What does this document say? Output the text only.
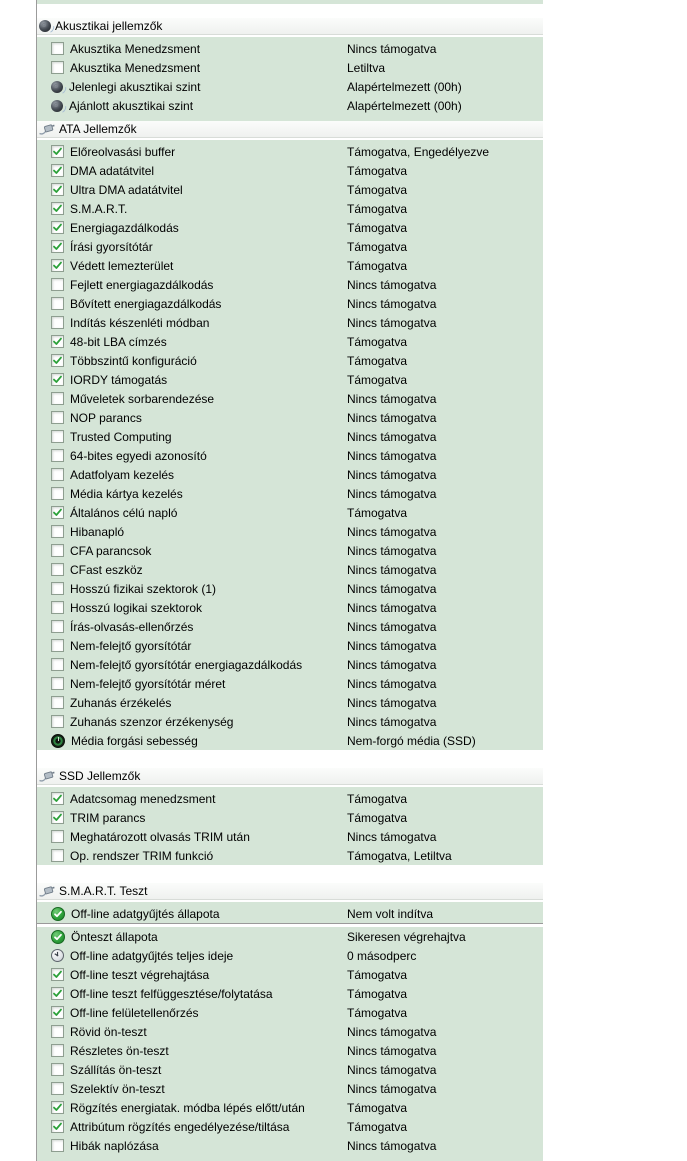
Akusztikai jellemzők
Akusztika Menedzsment	Nincs támogatva
Akusztika Menedzsment	Letiltva
Jelenlegi akusztikai szint	Alapértelmezett (00h)
Ajánlott akusztikai szint	Alapértelmezett (00h)
ATA Jellemzők
Előreolvasási buffer	Támogatva, Engedélyezve
DMA adatátvitel	Támogatva
Ultra DMA adatátvitel	Támogatva
S.M.A.R.T.	Támogatva
Energiagazdálkodás	Támogatva
Írási gyorsítótár	Támogatva
Védett lemezterület	Támogatva
Fejlett energiagazdálkodás	Nincs támogatva
Bővített energiagazdálkodás	Nincs támogatva
Indítás készenléti módban	Nincs támogatva
48-bit LBA címzés	Támogatva
Többszintű konfiguráció	Támogatva
IORDY támogatás	Támogatva
Műveletek sorbarendezése	Nincs támogatva
NOP parancs	Nincs támogatva
Trusted Computing	Nincs támogatva
64-bites egyedi azonosító	Nincs támogatva
Adatfolyam kezelés	Nincs támogatva
Média kártya kezelés	Nincs támogatva
Általános célú napló	Támogatva
Hibanapló	Nincs támogatva
CFA parancsok	Nincs támogatva
CFast eszköz	Nincs támogatva
Hosszú fizikai szektorok (1)	Nincs támogatva
Hosszú logikai szektorok	Nincs támogatva
Írás-olvasás-ellenőrzés	Nincs támogatva
Nem-felejtő gyorsítótár	Nincs támogatva
Nem-felejtő gyorsítótár energiagazdálkodás	Nincs támogatva
Nem-felejtő gyorsítótár méret	Nincs támogatva
Zuhanás érzékelés	Nincs támogatva
Zuhanás szenzor érzékenység	Nincs támogatva
Média forgási sebesség	Nem-forgó média (SSD)
SSD Jellemzők
Adatcsomag menedzsment	Támogatva
TRIM parancs	Támogatva
Meghatározott olvasás TRIM után	Nincs támogatva
Op. rendszer TRIM funkció	Támogatva, Letiltva
S.M.A.R.T. Teszt
Off-line adatgyűjtés állapota	Nem volt indítva
Önteszt állapota	Sikeresen végrehajtva
Off-line adatgyűjtés teljes ideje	0 másodperc
Off-line teszt végrehajtása	Támogatva
Off-line teszt felfüggesztése/folytatása	Támogatva
Off-line felületellenőrzés	Támogatva
Rövid ön-teszt	Nincs támogatva
Részletes ön-teszt	Nincs támogatva
Szállítás ön-teszt	Nincs támogatva
Szelektív ön-teszt	Nincs támogatva
Rögzítés energiatak. módba lépés előtt/után	Támogatva
Attribútum rögzítés engedélyezése/tiltása	Támogatva
Hibák naplózása	Nincs támogatva
